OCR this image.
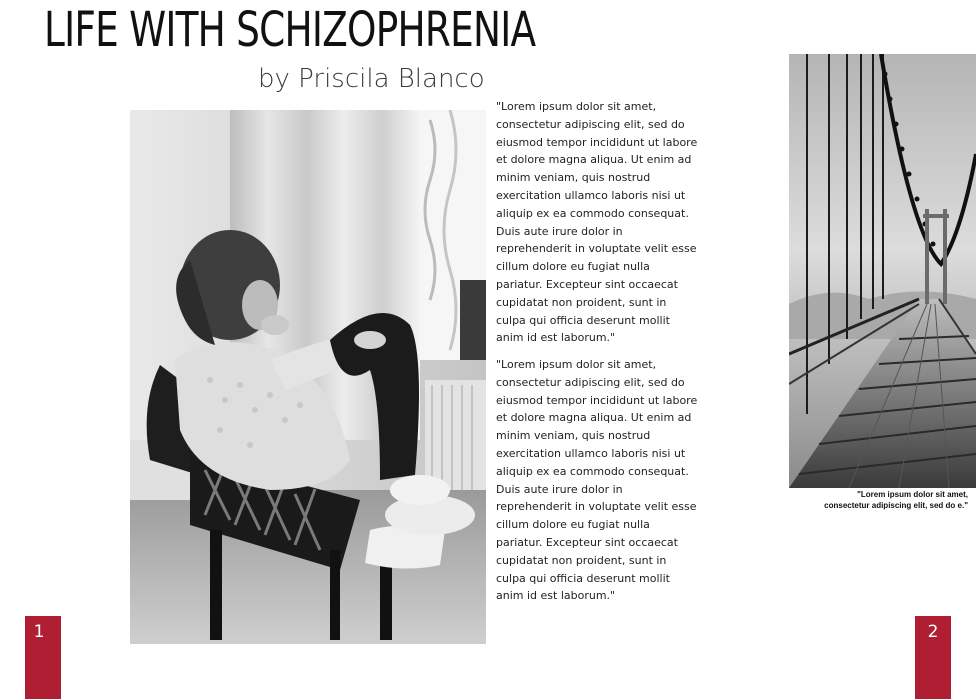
LIFE WITH SCHIZOPHRENIA
by Priscila Blanco

"Lorem ipsum dolor sit amet, consectetur adipiscing elit, sed do eiusmod tempor incididunt ut labore et dolore magna aliqua. Ut enim ad minim veniam, quis nostrud exercitation ullamco laboris nisi ut aliquip ex ea commodo consequat. Duis aute irure dolor in reprehenderit in voluptate velit esse cillum dolore eu fugiat nulla pariatur. Excepteur sint occaecat cupidatat non proident, sunt in culpa qui officia deserunt mollit anim id est laborum."

"Lorem ipsum dolor sit amet, consectetur adipiscing elit, sed do eiusmod tempor incididunt ut labore et dolore magna aliqua. Ut enim ad minim veniam, quis nostrud exercitation ullamco laboris nisi ut aliquip ex ea commodo consequat. Duis aute irure dolor in reprehenderit in voluptate velit esse cillum dolore eu fugiat nulla pariatur. Excepteur sint occaecat cupidatat non proident, sunt in culpa qui officia deserunt mollit anim id est laborum."

"Lorem ipsum dolor sit amet, consectetur adipiscing elit, sed do e."

1	2
